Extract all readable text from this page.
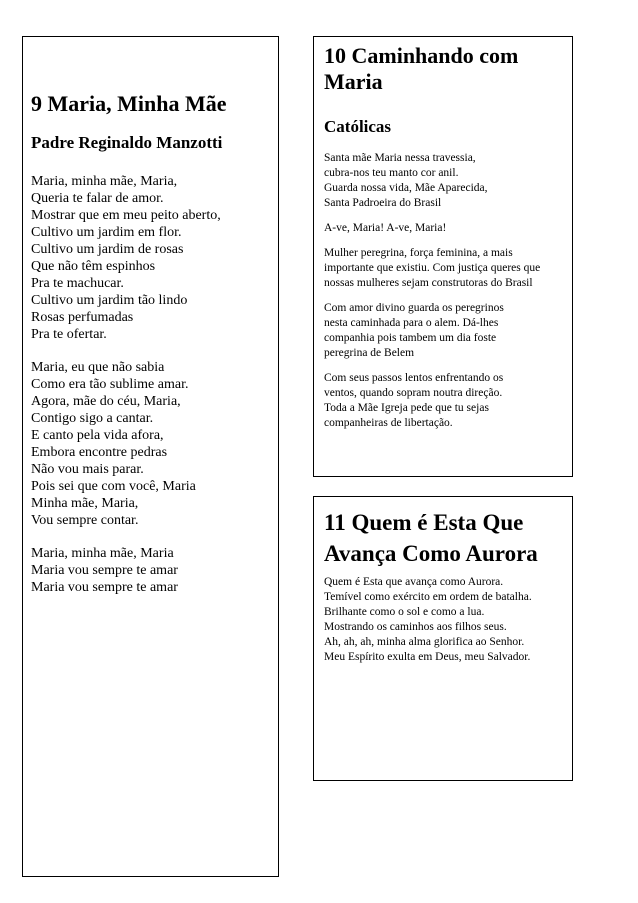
9 Maria, Minha Mãe
Padre Reginaldo Manzotti

Maria, minha mãe, Maria,

Queria te falar de amor.

Mostrar que em meu peito aberto,

Cultivo um jardim em flor.

Cultivo um jardim de rosas

Que não têm espinhos

Pra te machucar.

Cultivo um jardim tão lindo

Rosas perfumadas

Pra te ofertar.

Maria, eu que não sabia

Como era tão sublime amar.

Agora, mãe do céu, Maria,

Contigo sigo a cantar.

E canto pela vida afora,

Embora encontre pedras

Não vou mais parar.

Pois sei que com você, Maria

Minha mãe, Maria,

Vou sempre contar.

Maria, minha mãe, Maria

Maria vou sempre te amar

Maria vou sempre te amar

10 Caminhando com Maria
Católicas

Santa mãe Maria nessa travessia,

cubra-nos teu manto cor anil.

Guarda nossa vida, Mãe Aparecida,

Santa Padroeira do Brasil

A-ve, Maria! A-ve, Maria!

Mulher peregrina, força feminina, a mais

importante que existiu. Com justiça queres que

nossas mulheres sejam construtoras do Brasil

Com amor divino guarda os peregrinos

nesta caminhada para o alem. Dá-lhes

companhia pois tambem um dia foste

peregrina de Belem

Com seus passos lentos enfrentando os

ventos, quando sopram noutra direção.

Toda a Mãe Igreja pede que tu sejas

companheiras de libertação.

11 Quem é Esta Que Avança Como Aurora

Quem é Esta que avança como Aurora.

Temível como exército em ordem de batalha.

Brilhante como o sol e como a lua.

Mostrando os caminhos aos filhos seus.

Ah, ah, ah, minha alma glorifica ao Senhor.

Meu Espírito exulta em Deus, meu Salvador.
